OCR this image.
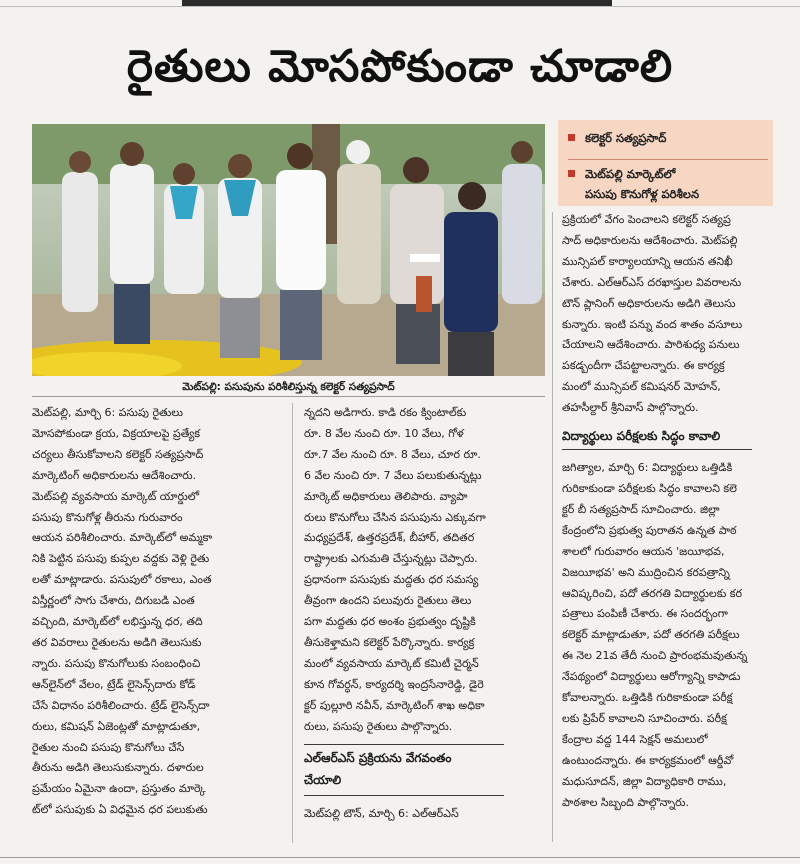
రైతులు మోసపోకుండా చూడాలి
మెట్‌పల్లి: పసుపును పరిశీలిస్తున్న కలెక్టర్ సత్యప్రసాద్
కలెక్టర్ సత్యప్రసాద్
మెట్‌పల్లి మార్కెట్‌లో
పసుపు కొనుగోళ్ల పరిశీలన
మెట్‌పల్లి, మార్చి 6: పసుపు రైతులు
మోసపోకుండా క్రయ, విక్రయాలపై ప్రత్యేక
చర్యలు తీసుకోవాలని కలెక్టర్ సత్యప్రసాద్
మార్కెటింగ్ అధికారులను ఆదేశించారు.
మెట్‌పల్లి వ్యవసాయ మార్కెట్ యార్డులో
పసుపు కొనుగోళ్ల తీరును గురువారం
ఆయన పరిశీలించారు. మార్కెట్‌లో అమ్మకా
నికి పెట్టిన పసుపు కుప్పల వద్దకు వెళ్లి రైతు
లతో మాట్లాడారు. పసుపులో రకాలు, ఎంత
విస్తీర్ణంలో సాగు చేశారు, దిగుబడి ఎంత
వచ్చింది, మార్కెట్‌లో లభిస్తున్న ధర, తది
తర వివరాలు రైతులను అడిగి తెలుసుకు
న్నారు. పసుపు కొనుగోలుకు సంబంధించి
ఆన్‌లైన్‌లో వేలం, ట్రేడ్ లైసెన్స్‌దారు కోడ్
చేసే విధానం పరిశీలించారు. ట్రేడ్ లైసెన్స్‌దా
రులు, కమిషన్ ఏజెంట్లతో మాట్లాడుతూ,
రైతుల నుంచి పసుపు కొనుగోలు చేసే
తీరును అడిగి తెలుసుకున్నారు. దళారుల
ప్రమేయం ఏమైనా ఉందా, ప్రస్తుతం మార్కె
ట్‌లో పసుపుకు ఏ విధమైన ధర పలుకుతు
న్నదని అడిగారు. కాడి రకం క్వింటాల్‌కు
రూ. 8 వేల నుంచి రూ. 10 వేలు, గోళ
రూ.7 వేల నుంచి రూ. 8 వేలు, చూర రూ.
6 వేల నుంచి రూ. 7 వేలు పలుకుతున్నట్లు
మార్కెట్ అధికారులు తెలిపారు. వ్యాపా
రులు కొనుగోలు చేసిన పసుపును ఎక్కువగా
మధ్యప్రదేశ్, ఉత్తరప్రదేశ్, బీహార్, తదితర
రాష్ట్రాలకు ఎగుమతి చేస్తున్నట్లు చెప్పారు.
ప్రధానంగా పసుపుకు మద్దతు ధర సమస్య
తీవ్రంగా ఉందని పలువురు రైతులు తెలు
పగా మద్దతు ధర అంశం ప్రభుత్వం దృష్టికి
తీసుకెళ్తామని కలెక్టర్ పేర్కొన్నారు. కార్యక్ర
మంలో వ్యవసాయ మార్కెట్ కమిటీ చైర్మన్
కూన గోవర్ధన్, కార్యదర్శి ఇంద్రసేనారెడ్డి, డైరె
క్టర్ పుల్లూరి నవీన్, మార్కెటింగ్ శాఖ అధికా
రులు, పసుపు రైతులు పాల్గొన్నారు.
ఎల్ఆర్ఎస్ ప్రక్రియను వేగవంతం
చేయాలి
మెట్‌పల్లి టౌన్, మార్చి 6: ఎల్ఆర్ఎస్
ప్రక్రియలో వేగం పెంచాలని కలెక్టర్ సత్యప్ర
సాద్ అధికారులను ఆదేశించారు. మెట్‌పల్లి
మున్సిపల్ కార్యాలయాన్ని ఆయన తనిఖీ
చేశారు. ఎల్ఆర్ఎస్ దరఖాస్తుల వివరాలను
టౌన్ ప్లానింగ్ అధికారులను అడిగి తెలుసు
కున్నారు. ఇంటి పన్ను వంద శాతం వసూలు
చేయాలని ఆదేశించారు. పారిశుధ్య పనులు
పకడ్బందీగా చేపట్టాలన్నారు. ఈ కార్యక్ర
మంలో మున్సిపల్ కమిషనర్ మోహన్,
తహసీల్దార్ శ్రీనివాస్ పాల్గొన్నారు.
విద్యార్థులు పరీక్షలకు సిద్ధం కావాలి
జగిత్యాల, మార్చి 6: విద్యార్థులు ఒత్తిడికి
గురికాకుండా పరీక్షలకు సిద్ధం కావాలని కలె
క్టర్ బీ సత్యప్రసాద్ సూచించారు. జిల్లా
కేంద్రంలోని ప్రభుత్వ పురాతన ఉన్నత పాఠ
శాలలో గురువారం ఆయన 'జయీభవ,
విజయీభవ' అని ముద్రించిన కరపత్రాన్ని
ఆవిష్కరించి, పదో తరగతి విద్యార్థులకు కర
పత్రాలు పంపిణీ చేశారు. ఈ సందర్భంగా
కలెక్టర్ మాట్లాడుతూ, పదో తరగతి పరీక్షలు
ఈ నెల 21వ తేదీ నుంచి ప్రారంభమవుతున్న
నేపథ్యంలో విద్యార్థులు ఆరోగ్యాన్ని కాపాడు
కోవాలన్నారు. ఒత్తిడికి గురికాకుండా పరీక్ష
లకు ప్రిపేర్ కావాలని సూచించారు. పరీక్ష
కేంద్రాల వద్ద 144 సెక్షన్ అమలులో
ఉంటుందన్నారు. ఈ కార్యక్రమంలో ఆర్డీవో
మధుసూదన్, జిల్లా విద్యాధికారి రాము,
పాఠశాల సిబ్బంది పాల్గొన్నారు.
